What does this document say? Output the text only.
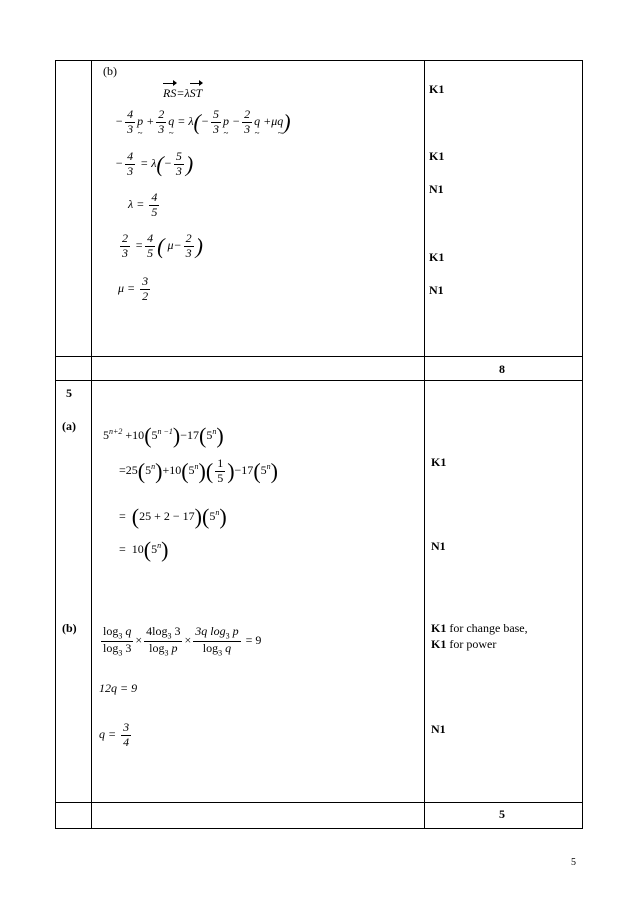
(b)
RS=λST
− $\frac{4}{3}$ p ~ + $\frac{2}{3}$ q ~ = $\lambda(- \frac{5}{3}$ p ~ − $\frac{2}{3}$ q ~ +μq ~)
− $\frac{4}{3} = \lambda(- \frac{5}{3}$ )
$\lambda = \frac{4}{5}$
$\frac{2}{3} = \frac{4}{5}$ ( $\mu- \frac{2}{3}$ )
$\mu = \frac{3}{2}$
K1
K1
N1
K1
N1
8
5
(a)
$5^{n+2} +10(5^{n -1})-17(5^n)$
$=25(5^n)+10(5^n)( \frac{1}{5} )-17(5^n)$
= $(25 + 2 - 17)(5^n)$
= $10(5^n)$
K1
N1
$(b) \frac{\log_3 q}{\log_3 3} \times \frac{4\log_3 3}{\log_3 p} \times \frac{3q \log_3 p}{\log_3 q} = 9$
12q = 9
$q = \frac{3}{4}$
K1 for change base,
K1 for power
N1
5
5
